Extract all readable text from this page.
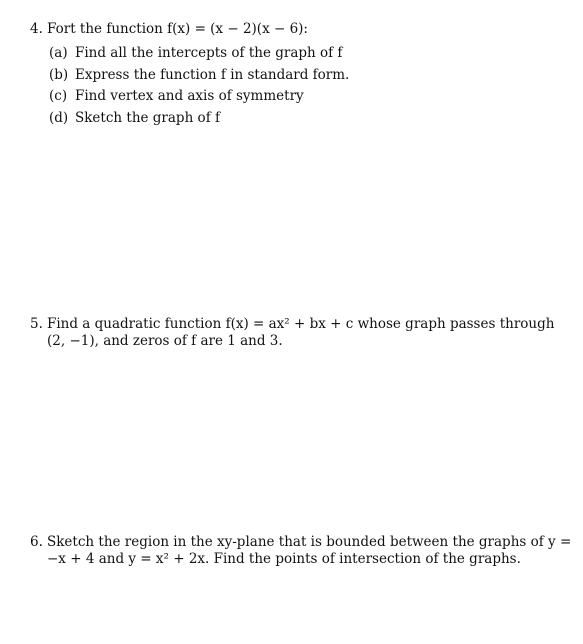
4. Fort the function f(x) = (x − 2)(x − 6):
(a) Find all the intercepts of the graph of f
(b) Express the function f in standard form.
(c) Find vertex and axis of symmetry
(d) Sketch the graph of f
5. Find a quadratic function f(x) = ax² + bx + c whose graph passes through
(2, −1), and zeros of f are 1 and 3.
6. Sketch the region in the xy-plane that is bounded between the graphs of y =
−x + 4 and y = x² + 2x. Find the points of intersection of the graphs.
